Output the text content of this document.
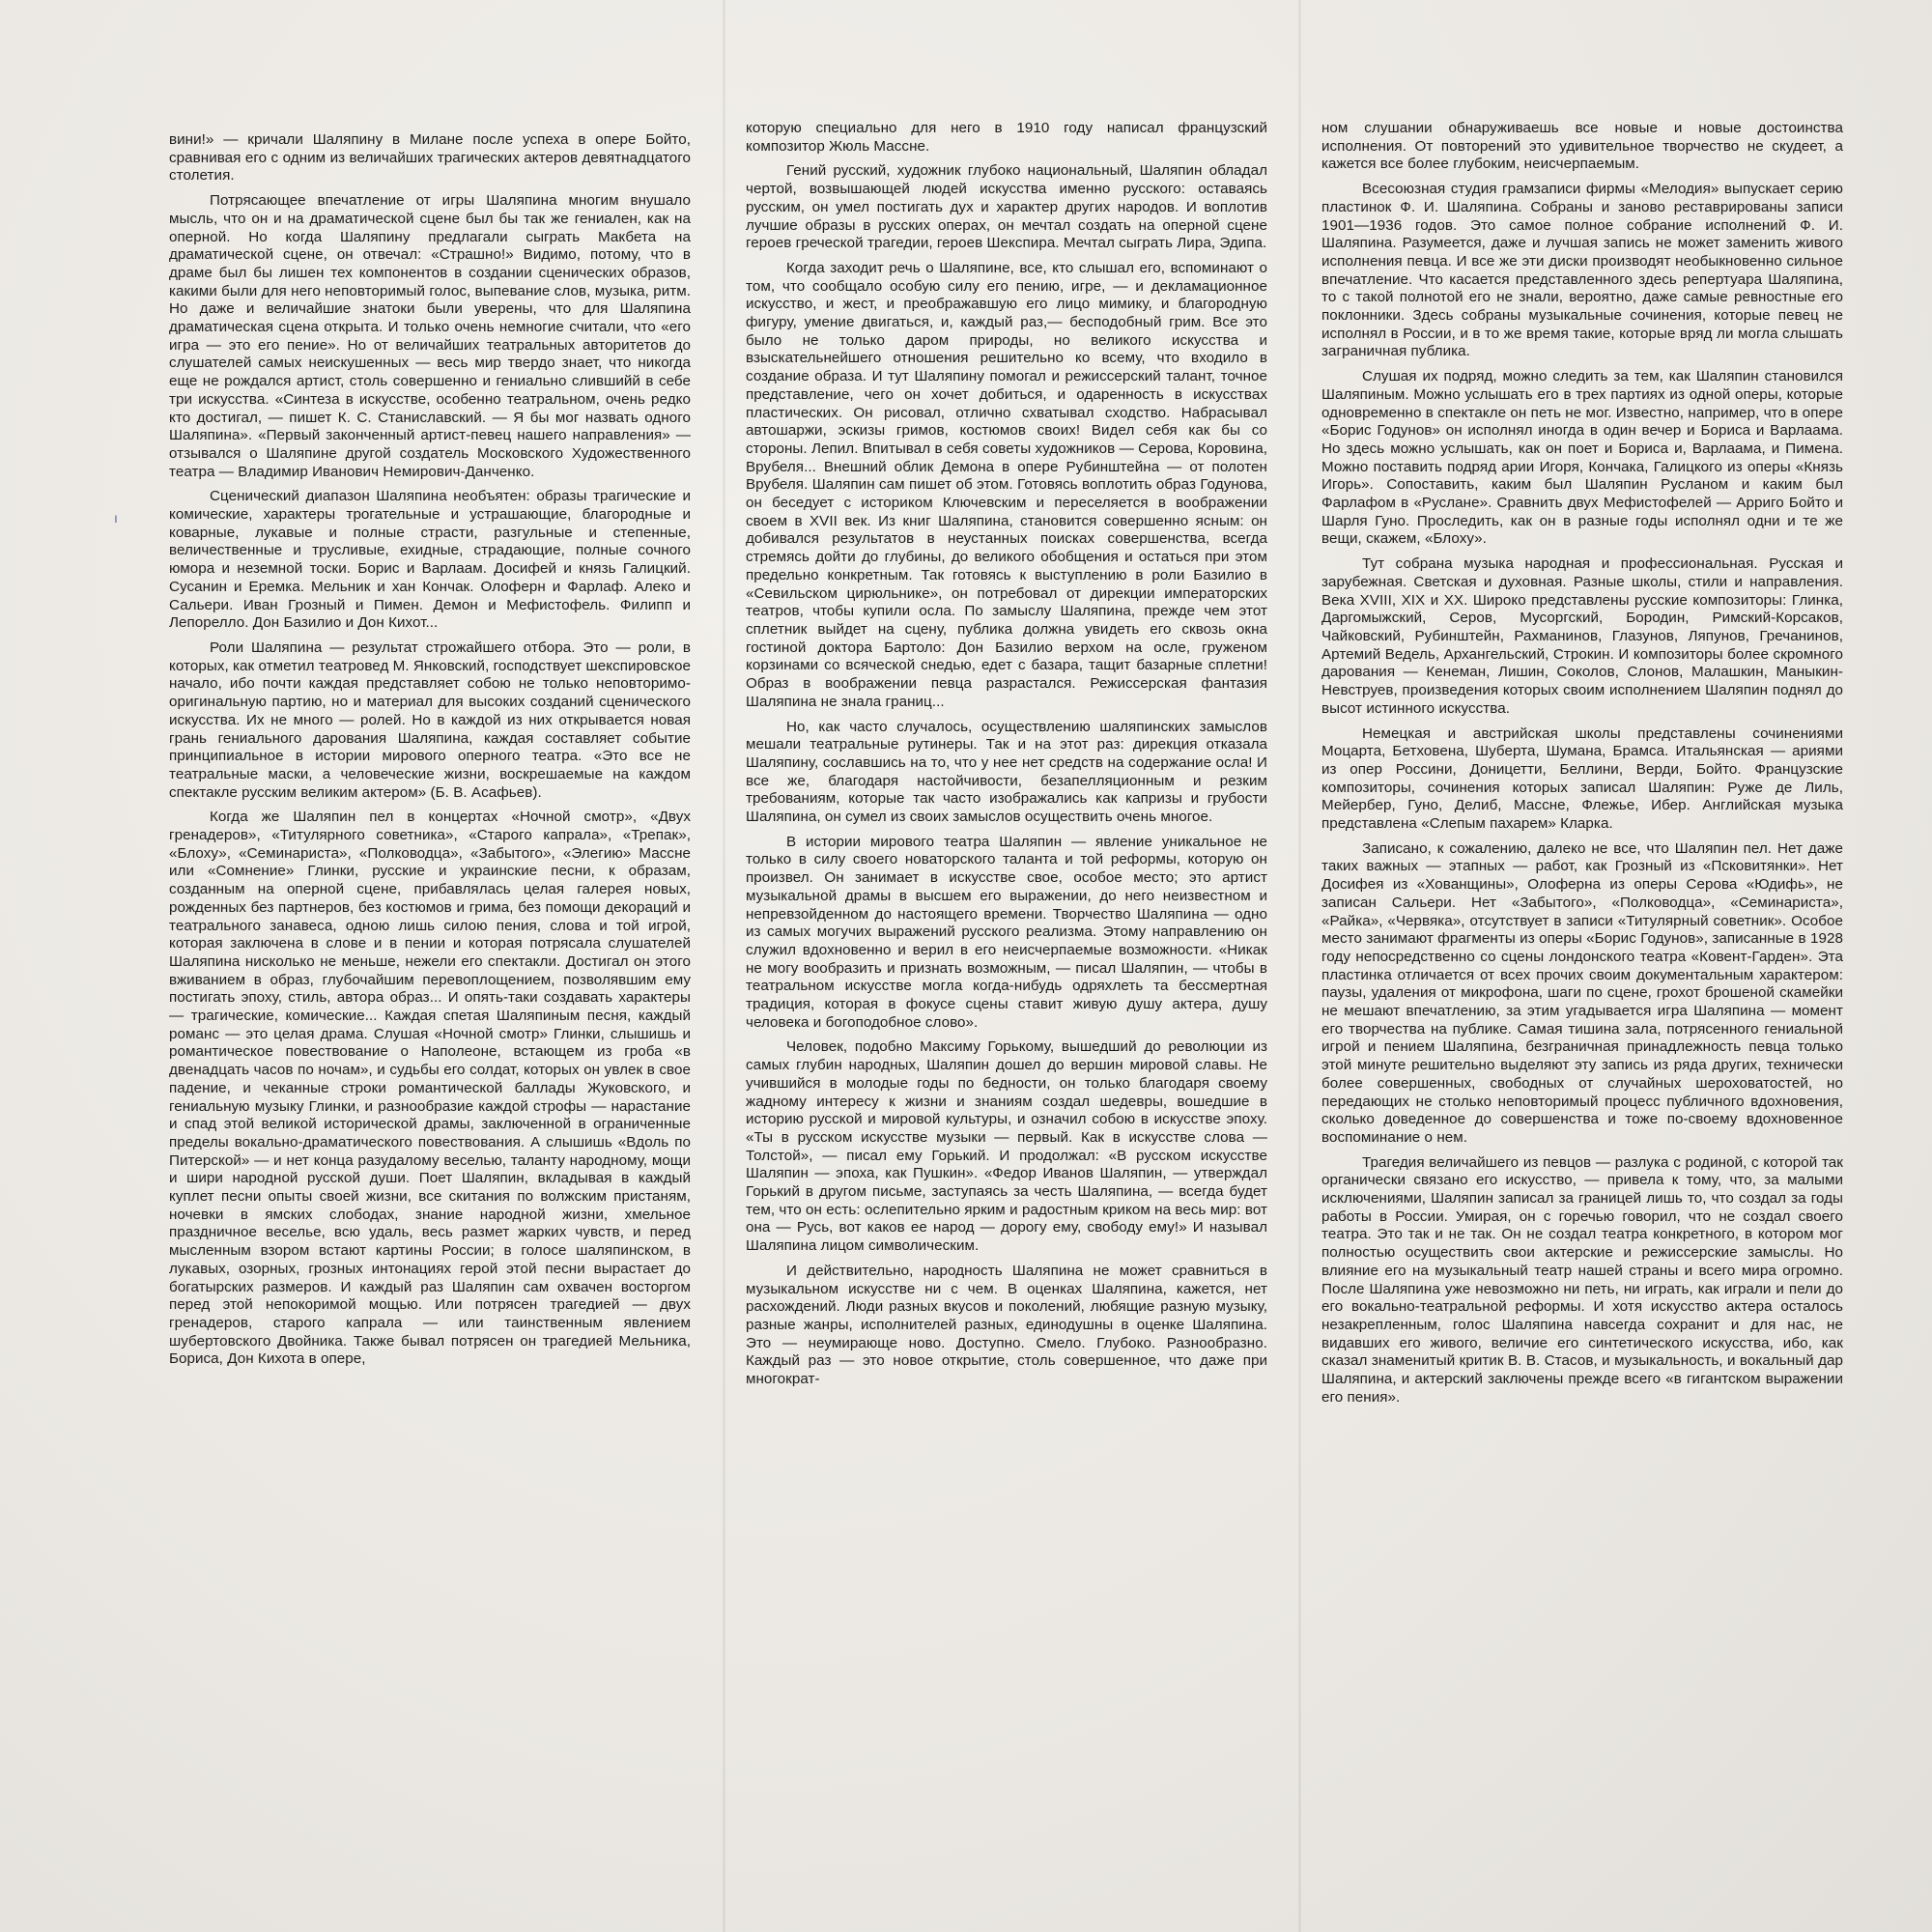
ı

вини!» — кричали Шаляпину в Милане после успеха в опере Бойто, сравнивая его с одним из величайших трагических актеров девятнадцатого столетия.

Потрясающее впечатление от игры Шаляпина многим внушало мысль, что он и на драматической сцене был бы так же гениален, как на оперной. Но когда Шаляпину предлагали сыграть Макбета на драматической сцене, он отвечал: «Страшно!» Видимо, потому, что в драме был бы лишен тех компонентов в создании сценических образов, какими были для него неповторимый голос, выпевание слов, музыка, ритм. Но даже и величайшие знатоки были уверены, что для Шаляпина драматическая сцена открыта. И только очень немногие считали, что «его игра — это его пение». Но от величайших театральных авторитетов до слушателей самых неискушенных — весь мир твердо знает, что никогда еще не рождался артист, столь совершенно и гениально слившийй в себе три искусства. «Синтеза в искусстве, особенно театральном, очень редко кто достигал, — пишет К. С. Станиславский. — Я бы мог назвать одного Шаляпина». «Первый законченный артист-певец нашего направления» — отзывался о Шаляпине другой создатель Московского Художественного театра — Владимир Иванович Немирович-Данченко.

Сценический диапазон Шаляпина необъятен: образы трагические и комические, характеры трогательные и устрашающие, благородные и коварные, лукавые и полные страсти, разгульные и степенные, величественные и трусливые, ехидные, страдающие, полные сочного юмора и неземной тоски. Борис и Варлаам. Досифей и князь Галицкий. Сусанин и Еремка. Мельник и хан Кончак. Олоферн и Фарлаф. Алеко и Сальери. Иван Грозный и Пимен. Демон и Мефистофель. Филипп и Лепорелло. Дон Базилио и Дон Кихот...

Роли Шаляпина — результат строжайшего отбора. Это — роли, в которых, как отметил театровед М. Янковский, господствует шекспировское начало, ибо почти каждая представляет собою не только неповторимо-оригинальную партию, но и материал для высоких созданий сценического искусства. Их не много — ролей. Но в каждой из них открывается новая грань гениального дарования Шаляпина, каждая составляет событие принципиальное в истории мирового оперного театра. «Это все не театральные маски, а человеческие жизни, воскрешаемые на каждом спектакле русским великим актером» (Б. В. Асафьев).

Когда же Шаляпин пел в концертах «Ночной смотр», «Двух гренадеров», «Титулярного советника», «Старого капрала», «Трепак», «Блоху», «Семинариста», «Полководца», «Забытого», «Элегию» Массне или «Сомнение» Глинки, русские и украинские песни, к образам, созданным на оперной сцене, прибавлялась целая галерея новых, рожденных без партнеров, без костюмов и грима, без помощи декораций и театрального занавеса, одною лишь силою пения, слова и той игрой, которая заключена в слове и в пении и которая потрясала слушателей Шаляпина нисколько не меньше, нежели его спектакли. Достигал он этого вживанием в образ, глубочайшим перевоплощением, позволявшим ему постигать эпоху, стиль, автора образ... И опять-таки создавать характеры — трагические, комические... Каждая спетая Шаляпиным песня, каждый романс — это целая драма. Слушая «Ночной смотр» Глинки, слышишь и романтическое повествование о Наполеоне, встающем из гроба «в двенадцать часов по ночам», и судьбы его солдат, которых он увлек в свое падение, и чеканные строки романтической баллады Жуковского, и гениальную музыку Глинки, и разнообразие каждой строфы — нарастание и спад этой великой исторической драмы, заключенной в ограниченные пределы вокально-драматического повествования. А слышишь «Вдоль по Питерской» — и нет конца разудалому веселью, таланту народному, мощи и шири народной русской души. Поет Шаляпин, вкладывая в каждый куплет песни опыты своей жизни, все скитания по волжским пристаням, ночевки в ямских слободах, знание народной жизни, хмельное праздничное веселье, всю удаль, весь размет жарких чувств, и перед мысленным взором встают картины России; в голосе шаляпинском, в лукавых, озорных, грозных интонациях герой этой песни вырастает до богатырских размеров. И каждый раз Шаляпин сам охвачен восторгом перед этой непокоримой мощью. Или потрясен трагедией — двух гренадеров, старого капрала — или таинственным явлением шубертовского Двойника. Также бывал потрясен он трагедией Мельника, Бориса, Дон Кихота в опере,

которую специально для него в 1910 году написал французский композитор Жюль Массне.

Гений русский, художник глубоко национальный, Шаляпин обладал чертой, возвышающей людей искусства именно русского: оставаясь русским, он умел постигать дух и характер других народов. И воплотив лучшие образы в русских операх, он мечтал создать на оперной сцене героев греческой трагедии, героев Шекспира. Мечтал сыграть Лира, Эдипа.

Когда заходит речь о Шаляпине, все, кто слышал его, вспоминают о том, что сообщало особую силу его пению, игре, — и декламационное искусство, и жест, и преображавшую его лицо мимику, и благородную фигуру, умение двигаться, и, каждый раз,— бесподобный грим. Все это было не только даром природы, но великого искусства и взыскательнейшего отношения решительно ко всему, что входило в создание образа. И тут Шаляпину помогал и режиссерский талант, точное представление, чего он хочет добиться, и одаренность в искусствах пластических. Он рисовал, отлично схватывал сходство. Набрасывал автошаржи, эскизы гримов, костюмов своих! Видел себя как бы со стороны. Лепил. Впитывал в себя советы художников — Серова, Коровина, Врубеля... Внешний облик Демона в опере Рубинштейна — от полотен Врубеля. Шаляпин сам пишет об этом. Готовясь воплотить образ Годунова, он беседует с историком Ключевским и переселяется в воображении своем в XVII век. Из книг Шаляпина, становится совершенно ясным: он добивался результатов в неустанных поисках совершенства, всегда стремясь дойти до глубины, до великого обобщения и остаться при этом предельно конкретным. Так готовясь к выступлению в роли Базилио в «Севильском цирюльнике», он потребовал от дирекции императорских театров, чтобы купили осла. По замыслу Шаляпина, прежде чем этот сплетник выйдет на сцену, публика должна увидеть его сквозь окна гостиной доктора Бартоло: Дон Базилио верхом на осле, груженом корзинами со всяческой снедью, едет с базара, тащит базарные сплетни! Образ в воображении певца разрастался. Режиссерская фантазия Шаляпина не знала границ...

Но, как часто случалось, осуществлению шаляпинских замыслов мешали театральные рутинеры. Так и на этот раз: дирекция отказала Шаляпину, сославшись на то, что у нее нет средств на содержание осла! И все же, благодаря настойчивости, безапелляционным и резким требованиям, которые так часто изображались как капризы и грубости Шаляпина, он сумел из своих замыслов осуществить очень многое.

В истории мирового театра Шаляпин — явление уникальное не только в силу своего новаторского таланта и той реформы, которую он произвел. Он занимает в искусстве свое, особое место; это артист музыкальной драмы в высшем его выражении, до него неизвестном и непревзойденном до настоящего времени. Творчество Шаляпина — одно из самых могучих выражений русского реализма. Этому направлению он служил вдохновенно и верил в его неисчерпаемые возможности. «Никак не могу вообразить и признать возможным, — писал Шаляпин, — чтобы в театральном искусстве могла когда-нибудь одряхлеть та бессмертная традиция, которая в фокусе сцены ставит живую душу актера, душу человека и богоподобное слово».

Человек, подобно Максиму Горькому, вышедший до революции из самых глубин народных, Шаляпин дошел до вершин мировой славы. Не учившийся в молодые годы по бедности, он только благодаря своему жадному интересу к жизни и знаниям создал шедевры, вошедшие в историю русской и мировой культуры, и означил собою в искусстве эпоху. «Ты в русском искусстве музыки — первый. Как в искусстве слова — Толстой», — писал ему Горький. И продолжал: «В русском искусстве Шаляпин — эпоха, как Пушкин». «Федор Иванов Шаляпин, — утверждал Горький в другом письме, заступаясь за честь Шаляпина, — всегда будет тем, что он есть: ослепительно ярким и радостным криком на весь мир: вот она — Русь, вот каков ее народ — дорогу ему, свободу ему!» И называл Шаляпина лицом символическим.

И действительно, народность Шаляпина не может сравниться в музыкальном искусстве ни с чем. В оценках Шаляпина, кажется, нет расхождений. Люди разных вкусов и поколений, любящие разную музыку, разные жанры, исполнителей разных, единодушны в оценке Шаляпина. Это — неумирающе ново. Доступно. Смело. Глубоко. Разнообразно. Каждый раз — это новое открытие, столь совершенное, что даже при многократ-

ном слушании обнаруживаешь все новые и новые достоинства исполнения. От повторений это удивительное творчество не скудеет, а кажется все более глубоким, неисчерпаемым.

Всесоюзная студия грамзаписи фирмы «Мелодия» выпускает серию пластинок Ф. И. Шаляпина. Собраны и заново реставрированы записи 1901—1936 годов. Это самое полное собрание исполнений Ф. И. Шаляпина. Разумеется, даже и лучшая запись не может заменить живого исполнения певца. И все же эти диски производят необыкновенно сильное впечатление. Что касается представленного здесь репертуара Шаляпина, то с такой полнотой его не знали, вероятно, даже самые ревностные его поклонники. Здесь собраны музыкальные сочинения, которые певец не исполнял в России, и в то же время такие, которые вряд ли могла слышать заграничная публика.

Слушая их подряд, можно следить за тем, как Шаляпин становился Шаляпиным. Можно услышать его в трех партиях из одной оперы, которые одновременно в спектакле он петь не мог. Известно, например, что в опере «Борис Годунов» он исполнял иногда в один вечер и Бориса и Варлаама. Но здесь можно услышать, как он поет и Бориса и, Варлаама, и Пимена. Можно поставить подряд арии Игоря, Кончака, Галицкого из оперы «Князь Игорь». Сопоставить, каким был Шаляпин Русланом и каким был Фарлафом в «Руслане». Сравнить двух Мефистофелей — Арриго Бойто и Шарля Гуно. Проследить, как он в разные годы исполнял одни и те же вещи, скажем, «Блоху».

Тут собрана музыка народная и профессиональная. Русская и зарубежная. Светская и духовная. Разные школы, стили и направления. Века XVIII, XIX и XX. Широко представлены русские композиторы: Глинка, Даргомыжский, Серов, Мусоргский, Бородин, Римский-Корсаков, Чайковский, Рубинштейн, Рахманинов, Глазунов, Ляпунов, Гречанинов, Артемий Ведель, Архангельский, Строкин. И композиторы более скромного дарования — Кенеман, Лишин, Соколов, Слонов, Малашкин, Маныкин-Невструев, произведения которых своим исполнением Шаляпин поднял до высот истинного искусства.

Немецкая и австрийская школы представлены сочинениями Моцарта, Бетховена, Шуберта, Шумана, Брамса. Итальянская — ариями из опер Россини, Доницетти, Беллини, Верди, Бойто. Французские композиторы, сочинения которых записал Шаляпин: Руже де Лиль, Мейербер, Гуно, Делиб, Массне, Флежье, Ибер. Английская музыка представлена «Слепым пахарем» Кларка.

Записано, к сожалению, далеко не все, что Шаляпин пел. Нет даже таких важных — этапных — работ, как Грозный из «Псковитянки». Нет Досифея из «Хованщины», Олоферна из оперы Серова «Юдифь», не записан Сальери. Нет «Забытого», «Полководца», «Семинариста», «Райка», «Червяка», отсутствует в записи «Титулярный советник». Особое место занимают фрагменты из оперы «Борис Годунов», записанные в 1928 году непосредственно со сцены лондонского театра «Ковент-Гарден». Эта пластинка отличается от всех прочих своим документальным характером: паузы, удаления от микрофона, шаги по сцене, грохот брошеной скамейки не мешают впечатлению, за этим угадывается игра Шаляпина — момент его творчества на публике. Самая тишина зала, потрясенного гениальной игрой и пением Шаляпина, безграничная принадлежность певца только этой минуте решительно выделяют эту запись из ряда других, технически более совершенных, свободных от случайных шероховатостей, но передающих не столько неповторимый процесс публичного вдохновения, сколько доведенное до совершенства и тоже по-своему вдохновенное воспоминание о нем.

Трагедия величайшего из певцов — разлука с родиной, с которой так органически связано его искусство, — привела к тому, что, за малыми исключениями, Шаляпин записал за границей лишь то, что создал за годы работы в России. Умирая, он с горечью говорил, что не создал своего театра. Это так и не так. Он не создал театра конкретного, в котором мог полностью осуществить свои актерские и режиссерские замыслы. Но влияние его на музыкальный театр нашей страны и всего мира огромно. После Шаляпина уже невозможно ни петь, ни играть, как играли и пели до его вокально-театральной реформы. И хотя искусство актера осталось незакрепленным, голос Шаляпина навсегда сохранит и для нас, не видавших его живого, величие его синтетического искусства, ибо, как сказал знаменитый критик В. В. Стасов, и музыкальность, и вокальный дар Шаляпина, и актерский заключены прежде всего «в гигантском выражении его пения».
